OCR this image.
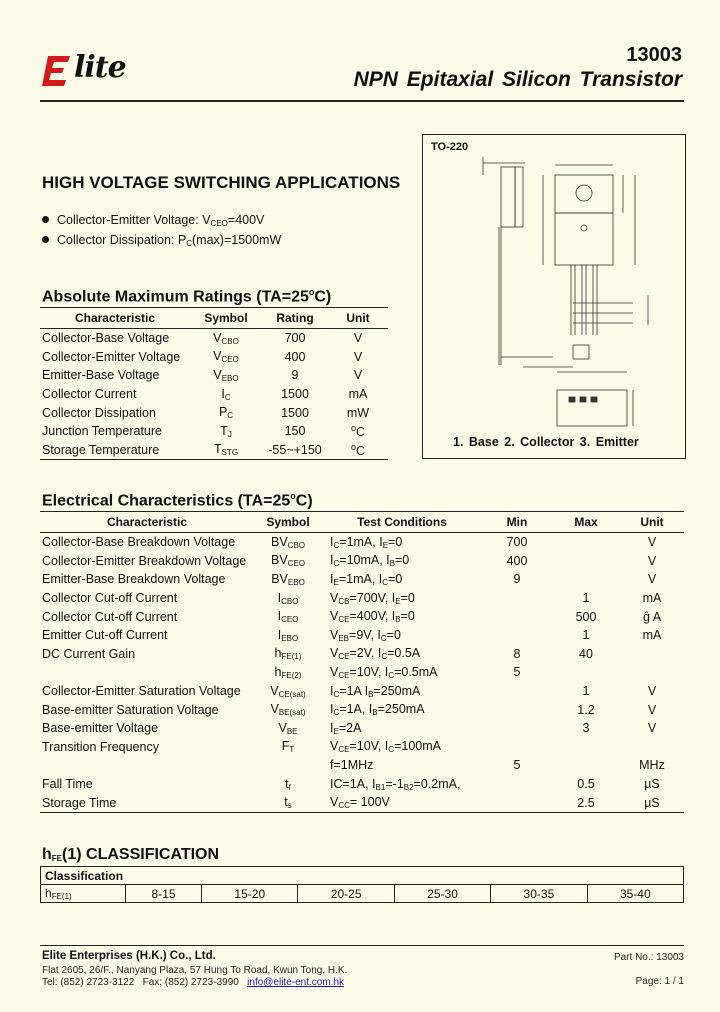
lite	13003
NPN Epitaxial Silicon Transistor
HIGH VOLTAGE SWITCHING APPLICATIONS
Collector-Emitter Voltage: $V_{CEO}=400V$
Collector Dissipation: $P_C(\max)=1500mW$
TO-220
1. Base 2. Collector 3. Emitter
Absolute Maximum Ratings $(TA=25^oC)$
Characteristic	Symbol	Rating	Unit
Collector-Base Voltage	$V_{CBO}$	700	V
Collector-Emitter Voltage	$V_{CEO}$	400	V
Emitter-Base Voltage	$V_{EBO}$	9	V
Collector Current	$I_C$	1500	mA
Collector Dissipation	$P_C$	1500	mW
Junction Temperature	$T_J$	150	$^o$C
Storage Temperature	$T_{STG}$	-55~+150	$^o$C
Electrical Characteristics $(TA=25^oC)$
Characteristic	Symbol	Test Conditions	Min	Max	Unit
Collector-Base Breakdown Voltage	$BV_{CBO}$	$I_C=1mA$, $I_E=0$	700		V
Collector-Emitter Breakdown Voltage	$BV_{CEO}$	$I_C=10mA$, $I_B=0$	400		V
Emitter-Base Breakdown Voltage	$BV_{EBO}$	$I_E=1mA$, $I_C=0$	9		V
Collector Cut-off Current	$I_{CBO}$	$V_{CB}=700V$, $I_E=0$		1	mA
Collector Cut-off Current	$I_{CEO}$	$V_{CE}=400V$, $I_B=0$		500	ĝ A
Emitter Cut-off Current	$I_{EBO}$	$V_{EB}=9V$, $I_C=0$		1	mA
DC Current Gain	$h_{FE(1)}$	$V_{CE}=2V$, $I_C=0.5A$	8	40	
	$h_{FE(2)}$	$V_{CE}=10V$, $I_C=0.5mA$	5		
Collector-Emitter Saturation Voltage	$V_{CE(sat)}$	$I_C=1A$ $I_B=250mA$		1	V
Base-emitter Saturation Voltage	$V_{BE(sat)}$	$I_C=1A$, $I_B=250mA$		1.2	V
Base-emitter Voltage	$V_{BE}$	$I_E=2A$		3	V
Transition Frequency	$F_T$	$V_{CE}=10V$, $I_C=100mA$			
		f=1MHz	5		MHz
Fall Time	$t_f$	IC=1A, $I_{B1}=-1_{B2}=0.2mA$,		0.5	µS
Storage Time	$t_s$	$V_{CC}= 100V$		2.5	µS
$h_{FE}(1)$ CLASSIFICATION
Classification
$h_{FE(1)}$	8-15	15-20	20-25	25-30	30-35	35-40
Elite Enterprises (H.K.) Co., Ltd.
Flat 2605, 26/F., Nanyang Plaza, 57 Hung To Road, Kwun Tong, H.K.
Tel: (852) 2723-3122 Fax: (852) 2723-3990 info@elite-ent.com.hk
Part No.: 13003
Page: 1 / 1
